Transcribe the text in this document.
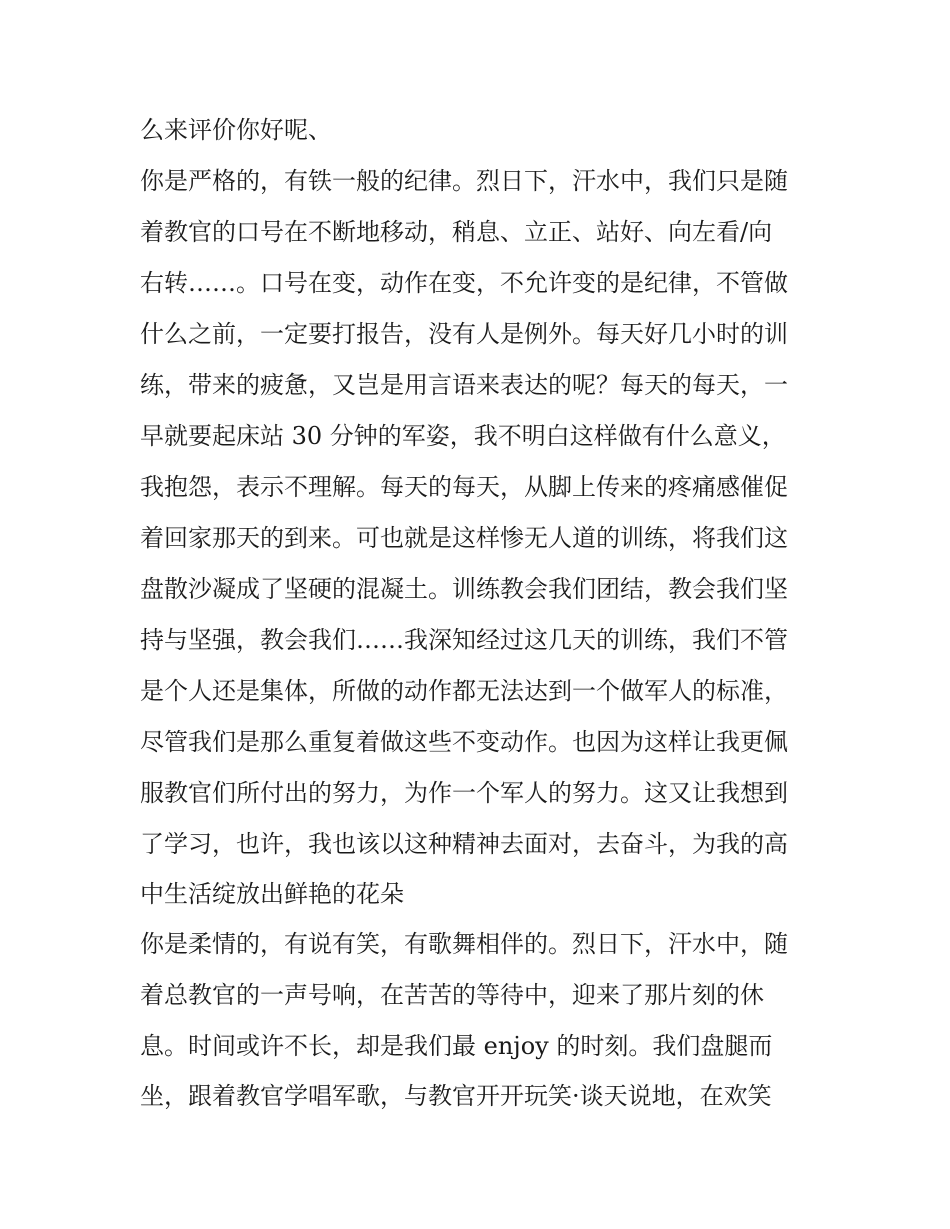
么来评价你好呢、
你是严格的，有铁一般的纪律。烈日下，汗水中，我们只是随
着教官的口号在不断地移动，稍息、立正、站好、向左看/向
右转……。口号在变，动作在变，不允许变的是纪律，不管做
什么之前，一定要打报告，没有人是例外。每天好几小时的训
练，带来的疲惫，又岂是用言语来表达的呢？每天的每天，一
早就要起床站 30 分钟的军姿，我不明白这样做有什么意义，
我抱怨，表示不理解。每天的每天，从脚上传来的疼痛感催促
着回家那天的到来。可也就是这样惨无人道的训练，将我们这
盘散沙凝成了坚硬的混凝土。训练教会我们团结，教会我们坚
持与坚强，教会我们……我深知经过这几天的训练，我们不管
是个人还是集体，所做的动作都无法达到一个做军人的标准，
尽管我们是那么重复着做这些不变动作。也因为这样让我更佩
服教官们所付出的努力，为作一个军人的努力。这又让我想到
了学习，也许，我也该以这种精神去面对，去奋斗，为我的高
中生活绽放出鲜艳的花朵
你是柔情的，有说有笑，有歌舞相伴的。烈日下，汗水中，随
着总教官的一声号响，在苦苦的等待中，迎来了那片刻的休
息。时间或许不长，却是我们最 enjoy 的时刻。我们盘腿而
坐，跟着教官学唱军歌，与教官开开玩笑·谈天说地，在欢笑
